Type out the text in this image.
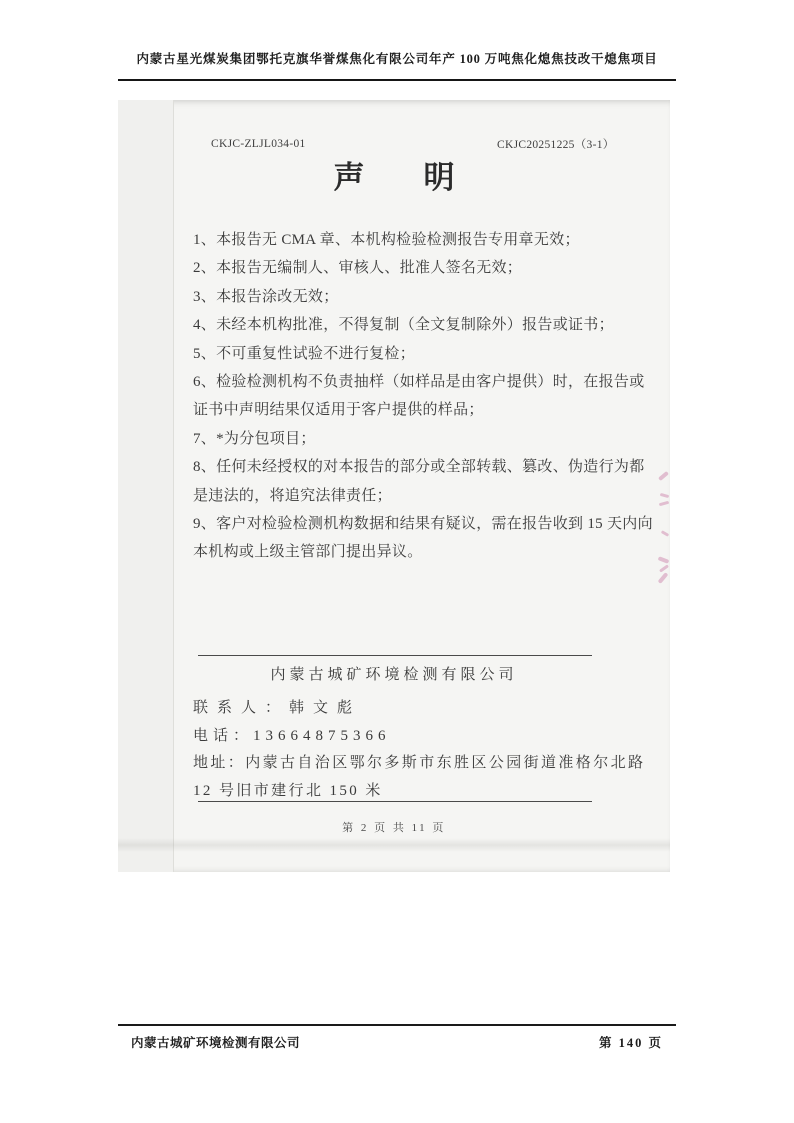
内蒙古星光煤炭集团鄂托克旗华誉煤焦化有限公司年产 100 万吨焦化熄焦技改干熄焦项目
CKJC-ZLJL034-01	CKJC20251225（3-1）
声　明

1、本报告无 CMA 章、本机构检验检测报告专用章无效；

2、本报告无编制人、审核人、批准人签名无效；

3、本报告涂改无效；

4、未经本机构批准，不得复制（全文复制除外）报告或证书；

5、不可重复性试验不进行复检；

6、检验检测机构不负责抽样（如样品是由客户提供）时，在报告或证书中声明结果仅适用于客户提供的样品；

7、*为分包项目；

8、任何未经授权的对本报告的部分或全部转载、篡改、伪造行为都是违法的，将追究法律责任；

9、客户对检验检测机构数据和结果有疑议，需在报告收到 15 天内向本机构或上级主管部门提出异议。

内蒙古城矿环境检测有限公司
联系人：韩文彪
电话：13664875366
地址：内蒙古自治区鄂尔多斯市东胜区公园街道准格尔北路
12 号旧市建行北 150 米
第 2 页 共 11 页
内蒙古城矿环境检测有限公司	第 140 页
